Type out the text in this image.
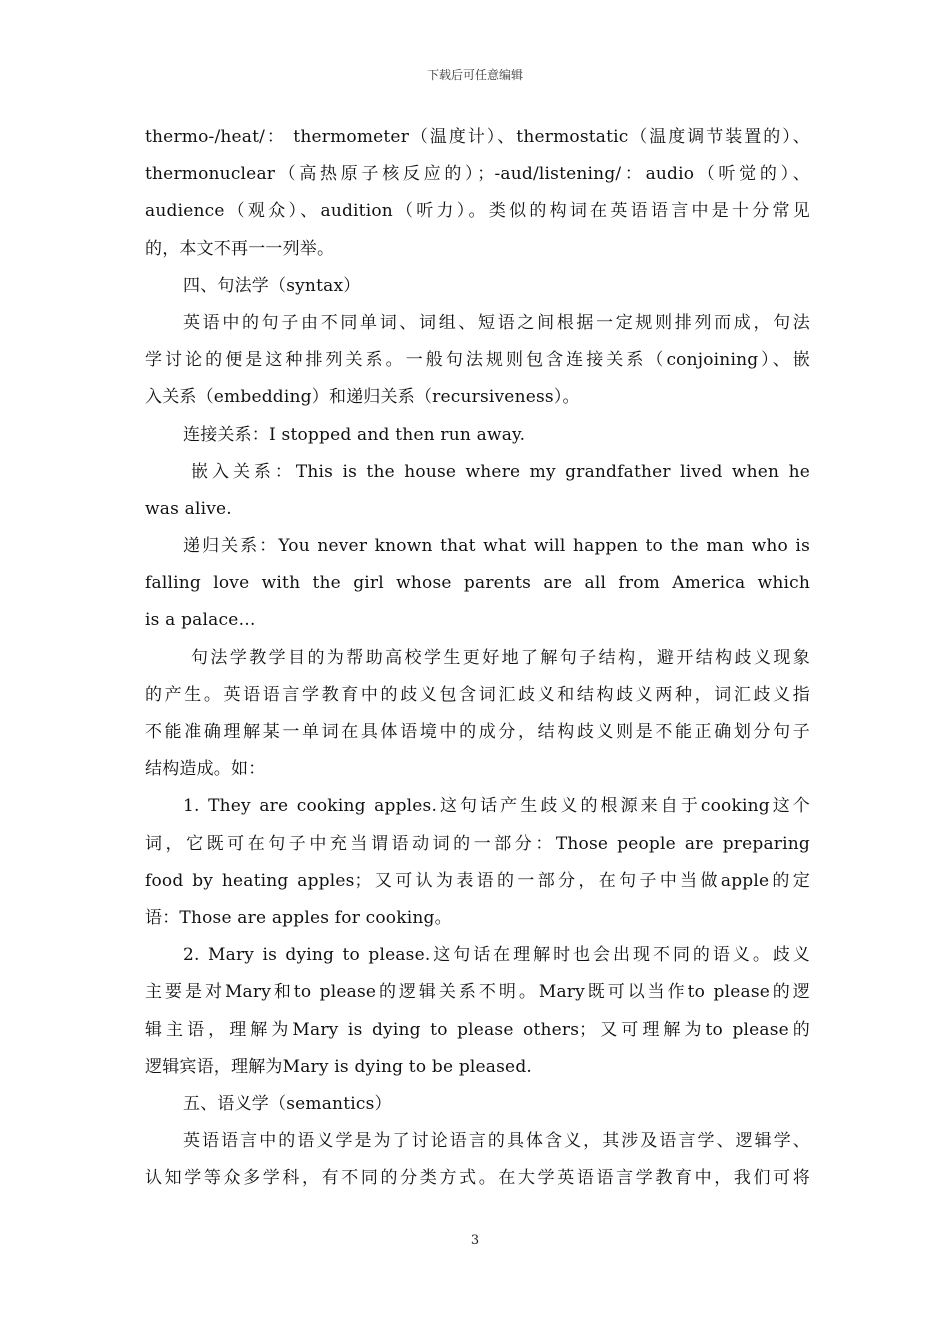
下载后可任意编辑
thermo-/heat/： thermometer（温度计）、thermostatic（温度调节装置的）、
thermonuclear（高热原子核反应的）；-aud/listening/：audio（听觉的）、
audience（观众）、audition（听力）。类似的构词在英语语言中是十分常见
的，本文不再一一列举。
四、句法学（syntax）
英语中的句子由不同单词、词组、短语之间根据一定规则排列而成，句法
学讨论的便是这种排列关系。一般句法规则包含连接关系（conjoining）、嵌
入关系（embedding）和递归关系（recursiveness）。
连接关系：I stopped and then run away.
嵌入关系：This is the house where my grandfather lived when he
was alive.
递归关系：You never known that what will happen to the man who is
falling love with the girl whose parents are all from America which
is a palace…
句法学教学目的为帮助高校学生更好地了解句子结构，避开结构歧义现象
的产生。英语语言学教育中的歧义包含词汇歧义和结构歧义两种，词汇歧义指
不能准确理解某一单词在具体语境中的成分，结构歧义则是不能正确划分句子
结构造成。如：
1. They are cooking apples.这句话产生歧义的根源来自于cooking这个
词，它既可在句子中充当谓语动词的一部分：Those people are preparing
food by heating apples；又可认为表语的一部分，在句子中当做apple的定
语：Those are apples for cooking。
2. Mary is dying to please.这句话在理解时也会出现不同的语义。歧义
主要是对Mary和to please的逻辑关系不明。Mary既可以当作to please的逻
辑主语，理解为Mary is dying to please others；又可理解为to please的
逻辑宾语，理解为Mary is dying to be pleased.
五、语义学（semantics）
英语语言中的语义学是为了讨论语言的具体含义，其涉及语言学、逻辑学、
认知学等众多学科，有不同的分类方式。在大学英语语言学教育中，我们可将
3
